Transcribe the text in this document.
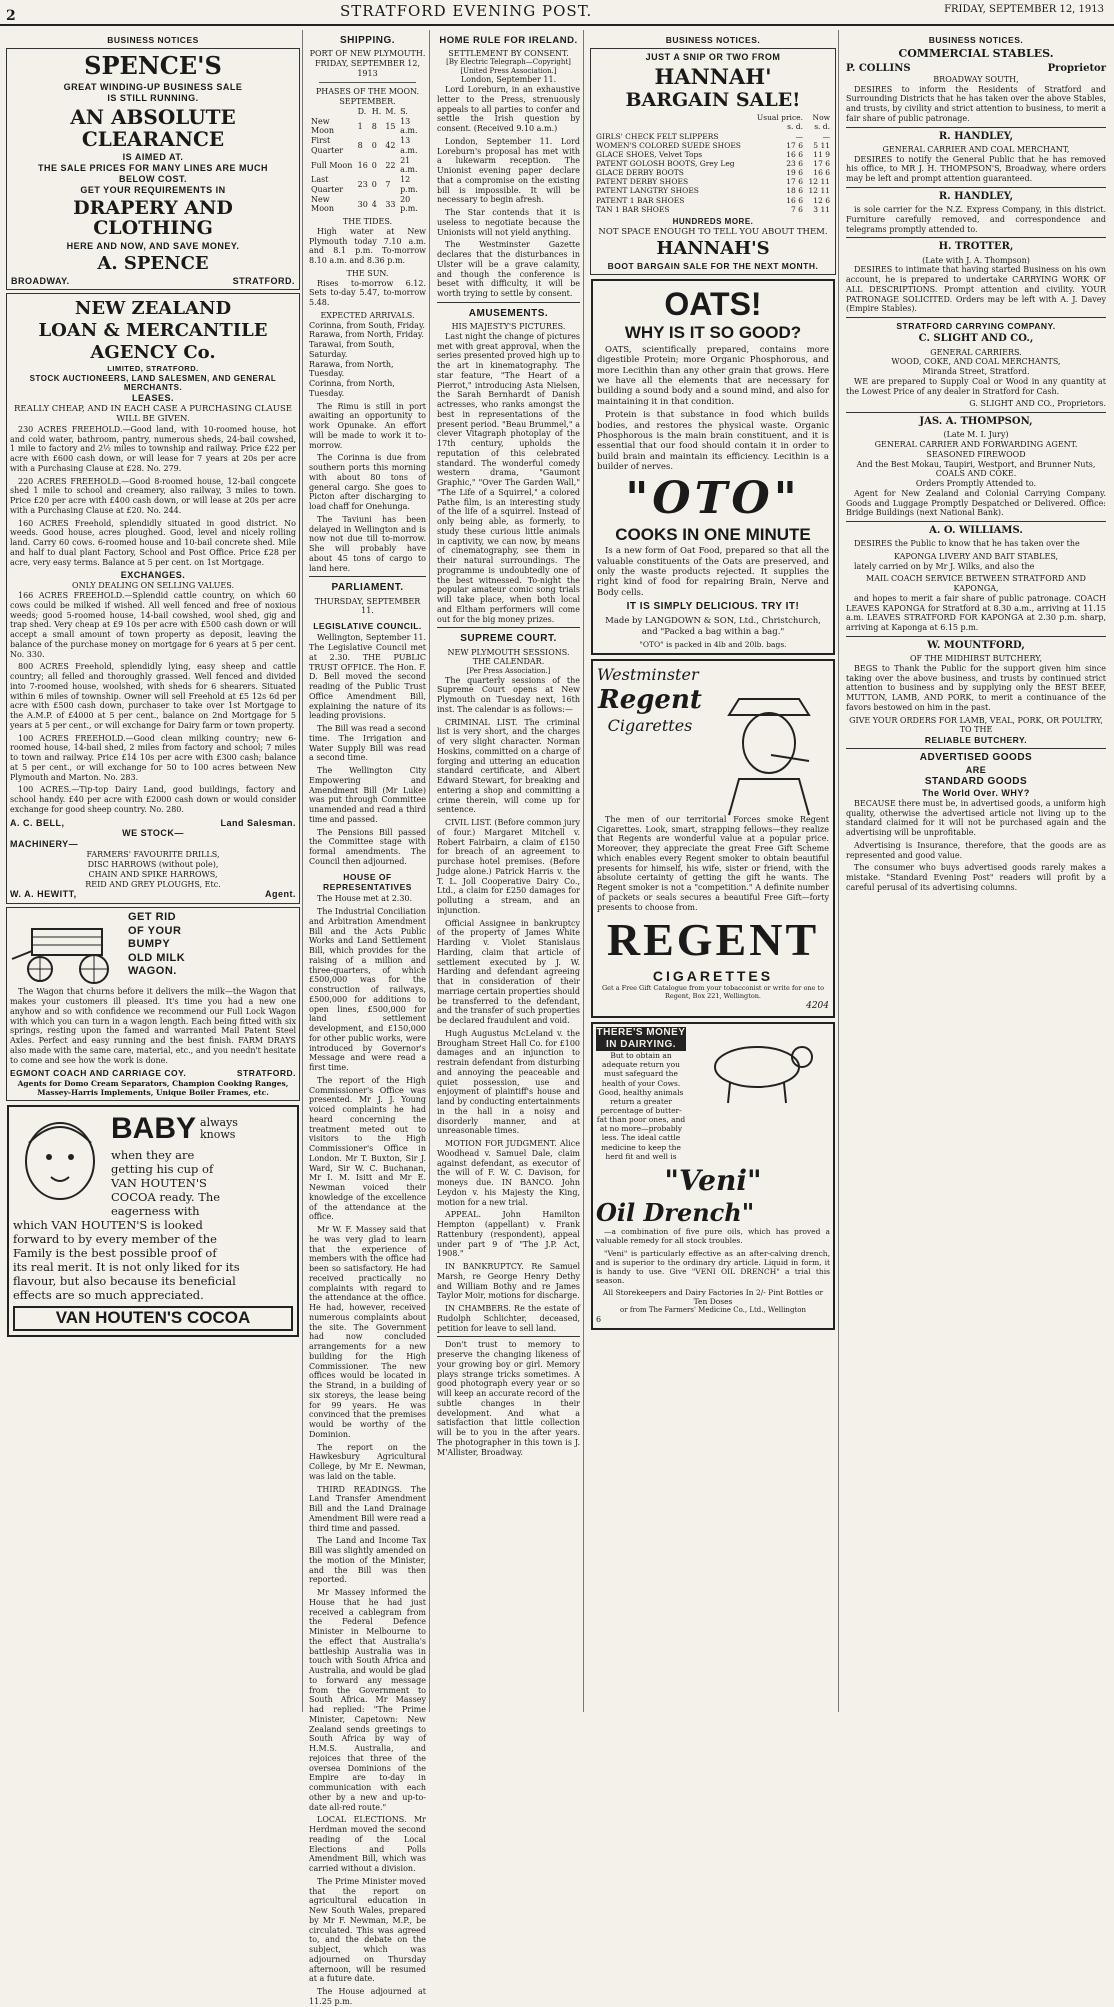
2	STRATFORD EVENING POST.	FRIDAY, SEPTEMBER 12, 1913
BUSINESS NOTICES
SPENCE'S
GREAT WINDING-UP BUSINESS SALE
IS STILL RUNNING.
AN ABSOLUTE CLEARANCE
IS AIMED AT.
THE SALE PRICES FOR MANY LINES ARE MUCH
BELOW COST.
GET YOUR REQUIREMENTS IN
DRAPERY AND CLOTHING
HERE AND NOW, AND SAVE MONEY.
A. SPENCE
BROADWAY.	STRATFORD.
NEW ZEALAND
LOAN & MERCANTILE
AGENCY Co.
LIMITED, STRATFORD.
STOCK AUCTIONEERS, LAND SALESMEN, AND GENERAL MERCHANTS.
LEASES.
REALLY CHEAP, AND IN EACH CASE A PURCHASING CLAUSE WILL BE GIVEN.

230 ACRES FREEHOLD.—Good land, with 10-roomed house, hot and cold water, bathroom, pantry, numerous sheds, 24-bail cowshed, 1 mile to factory and 2½ miles to township and railway. Price £22 per acre with £600 cash down, or will lease for 7 years at 20s per acre with a Purchasing Clause at £28. No. 279.

220 ACRES FREEHOLD.—Good 8-roomed house, 12-bail congcete shed 1 mile to school and creamery, also railway, 3 miles to town. Price £20 per acre with £400 cash down, or will lease at 20s per acre with a Purchasing Clause at £20. No. 244.

160 ACRES Freehold, splendidly situated in good district. No weeds. Good house, acres ploughed. Good, level and nicely rolling land. Carry 60 cows. 6-roomed house and 10-bail concrete shed. Mile and half to dual plant Factory, School and Post Office. Price £28 per acre, very easy terms. Balance at 5 per cent. on 1st Mortgage.

EXCHANGES.
ONLY DEALING ON SELLING VALUES.

166 ACRES FREEHOLD.—Splendid cattle country, on which 60 cows could be milked if wished. All well fenced and free of noxious weeds; good 5-roomed house, 14-bail cowshed, wool shed, gig and trap shed. Very cheap at £9 10s per acre with £500 cash down or will accept a small amount of town property as deposit, leaving the balance of the purchase money on mortgage for 6 years at 5 per cent. No. 330.

800 ACRES Freehold, splendidly lying, easy sheep and cattle country; all felled and thoroughly grassed. Well fenced and divided into 7-roomed house, woolshed, with sheds for 6 shearers. Situated within 6 miles of township. Owner will sell Freehold at £5 12s 6d per acre with £500 cash down, purchaser to take over 1st Mortgage to the A.M.P. of £4000 at 5 per cent., balance on 2nd Mortgage for 5 years at 5 per cent., or will exchange for Dairy farm or town property.

100 ACRES FREEHOLD.—Good clean milking country; new 6-roomed house, 14-bail shed, 2 miles from factory and school; 7 miles to town and railway. Price £14 10s per acre with £300 cash; balance at 5 per cent., or will exchange for 50 to 100 acres between New Plymouth and Marton. No. 283.

100 ACRES.—Tip-top Dairy Land, good buildings, factory and school handy. £40 per acre with £2000 cash down or would consider exchange for good sheep country. No. 280.

A. C. BELL,	Land Salesman.
WE STOCK—
MACHINERY—
FARMERS' FAVOURITE DRILLS,
DISC HARROWS (without pole),
CHAIN AND SPIKE HARROWS,
REID AND GREY PLOUGHS, Etc.
W. A. HEWITT,	Agent.
GET RID
OF YOUR
BUMPY
OLD MILK
WAGON.

The Wagon that churns before it delivers the milk—the Wagon that makes your customers ill pleased. It's time you had a new one anyhow and so with confidence we recommend our Full Lock Wagon with which you can turn in a wagon length. Each being fitted with six springs, resting upon the famed and warranted Mail Patent Steel Axles. Perfect and easy running and the best finish. FARM DRAYS also made with the same care, material, etc., and you needn't hesitate to come and see how the work is done.

EGMONT COACH AND CARRIAGE COY.	STRATFORD.
Agents for Domo Cream Separators, Champion Cooking Ranges, Massey-Harris Implements, Unique Boiler Frames, etc.
BABY always
knows
when they are
getting his cup of
VAN HOUTEN'S
COCOA ready. The
eagerness with
which VAN HOUTEN'S is looked
forward to by every member of the
Family is the best possible proof of
its real merit. It is not only liked for its
flavour, but also because its beneficial
effects are so much appreciated.
VAN HOUTEN'S COCOA
SHIPPING.
PORT OF NEW PLYMOUTH.
FRIDAY, SEPTEMBER 12, 1913
PHASES OF THE MOON.
SEPTEMBER.
	D.	H.	M.	S.
New Moon	1	8	15	13 a.m.
First Quarter	8	0	42	13 a.m.
Full Moon	16	0	22	21 a.m.
Last Quarter	23	0	7	12 p.m.
New Moon	30	4	33	20 p.m.
THE TIDES.

High water at New Plymouth today 7.10 a.m. and 8.1 p.m. To-morrow 8.10 a.m. and 8.36 p.m.

THE SUN.

Rises to-morrow 6.12. Sets to-day 5.47, to-morrow 5.48.

EXPECTED ARRIVALS.
Corinna, from South, Friday.
Rarawa, from North, Friday.
Tarawai, from South, Saturday.
Rarawa, from North, Tuesday.
Corinna, from North, Tuesday.

The Rimu is still in port awaiting an opportunity to work Opunake. An effort will be made to work it to-morrow.

The Corinna is due from southern ports this morning with about 80 tons of general cargo. She goes to Picton after discharging to load chaff for Onehunga.

The Taviuni has been delayed in Wellington and is now not due till to-morrow. She will probably have about 45 tons of cargo to land here.

PARLIAMENT.
THURSDAY, SEPTEMBER 11.
LEGISLATIVE COUNCIL.

Wellington, September 11. The Legislative Council met at 2.30. THE PUBLIC TRUST OFFICE. The Hon. F. D. Bell moved the second reading of the Public Trust Office Amendment Bill, explaining the nature of its leading provisions.

The Bill was read a second time. The Irrigation and Water Supply Bill was read a second time.

The Wellington City Empowering and Amendment Bill (Mr Luke) was put through Committee unamended and read a third time and passed.

The Pensions Bill passed the Committee stage with formal amendments. The Council then adjourned.

HOUSE OF REPRESENTATIVES

The House met at 2.30.

The Industrial Conciliation and Arbitration Amendment Bill and the Acts Public Works and Land Settlement Bill, which provides for the raising of a million and three-quarters, of which £500,000 was for the construction of railways, £500,000 for additions to open lines, £500,000 for land settlement development, and £150,000 for other public works, were introduced by Governor's Message and were read a first time.

The report of the High Commissioner's Office was presented. Mr J. J. Young voiced complaints he had heard concerning the treatment meted out to visitors to the High Commissioner's Office in London. Mr T. Buxton, Sir J. Ward, Sir W. C. Buchanan, Mr I. M. Isitt and Mr E. Newman voiced their knowledge of the excellence of the attendance at the office.

Mr W. F. Massey said that he was very glad to learn that the experience of members with the office had been so satisfactory. He had received practically no complaints with regard to the attendance at the office. He had, however, received numerous complaints about the site. The Government had now concluded arrangements for a new building for the High Commissioner. The new offices would be located in the Strand, in a building of six storeys, the lease being for 99 years. He was convinced that the premises would be worthy of the Dominion.

The report on the Hawkesbury Agricultural College, by Mr E. Newman, was laid on the table.

THIRD READINGS. The Land Transfer Amendment Bill and the Land Drainage Amendment Bill were read a third time and passed.

The Land and Income Tax Bill was slightly amended on the motion of the Minister, and the Bill was then reported.

Mr Massey informed the House that he had just received a cablegram from the Federal Defence Minister in Melbourne to the effect that Australia's battleship Australia was in touch with South Africa and Australia, and would be glad to forward any message from the Government to South Africa. Mr Massey had replied: "The Prime Minister, Capetown: New Zealand sends greetings to South Africa by way of H.M.S. Australia, and rejoices that three of the oversea Dominions of the Empire are to-day in communication with each other by a new and up-to-date all-red route."

LOCAL ELECTIONS. Mr Herdman moved the second reading of the Local Elections and Polls Amendment Bill, which was carried without a division.

The Prime Minister moved that the report on agricultural education in New South Wales, prepared by Mr F. Newman, M.P., be circulated. This was agreed to, and the debate on the subject, which was adjourned on Thursday afternoon, will be resumed at a future date.

The House adjourned at 11.25 p.m.

HOME RULE FOR IRELAND.
SETTLEMENT BY CONSENT.
[By Electric Telegraph—Copyright] [United Press Association.]
London, September 11.

Lord Loreburn, in an exhaustive letter to the Press, strenuously appeals to all parties to confer and settle the Irish question by consent. (Received 9.10 a.m.)

London, September 11. Lord Loreburn's proposal has met with a lukewarm reception. The Unionist evening paper declare that a compromise on the existing bill is impossible. It will be necessary to begin afresh.

The Star contends that it is useless to negotiate because the Unionists will not yield anything.

The Westminster Gazette declares that the disturbances in Ulster will be a grave calamity, and though the conference is beset with difficulty, it will be worth trying to settle by consent.

AMUSEMENTS.
HIS MAJESTY'S PICTURES.

Last night the change of pictures met with great approval, when the series presented proved high up to the art in kinematography. The star feature, "The Heart of a Pierrot," introducing Asta Nielsen, the Sarah Bernhardt of Danish actresses, who ranks amongst the best in representations of the present period. "Beau Brummel," a clever Vitagraph photoplay of the 17th century, upholds the reputation of this celebrated standard. The wonderful comedy western drama, "Gaumont Graphic," "Over The Garden Wall," "The Life of a Squirrel," a colored Pathe film, is an interesting study of the life of a squirrel. Instead of only being able, as formerly, to study these curious little animals in captivity, we can now, by means of cinematography, see them in their natural surroundings. The programme is undoubtedly one of the best witnessed. To-night the popular amateur comic song trials will take place, when both local and Eltham performers will come out for the big money prizes.

SUPREME COURT.
NEW PLYMOUTH SESSIONS.
THE CALENDAR.
[Per Press Association.]

The quarterly sessions of the Supreme Court opens at New Plymouth on Tuesday next, 16th inst. The calendar is as follows:—

CRIMINAL LIST. The criminal list is very short, and the charges of very slight character. Norman Hoskins, committed on a charge of forging and uttering an education standard certificate, and Albert Edward Stewart, for breaking and entering a shop and committing a crime therein, will come up for sentence.

CIVIL LIST. (Before common jury of four.) Margaret Mitchell v. Robert Fairbairn, a claim of £150 for breach of an agreement to purchase hotel premises. (Before Judge alone.) Patrick Harris v. the T. L. Joll Cooperative Dairy Co., Ltd., a claim for £250 damages for polluting a stream, and an injunction.

Official Assignee in bankruptcy of the property of James White Harding v. Violet Stanislaus Harding, claim that article of settlement executed by J. W. Harding and defendant agreeing that in consideration of their marriage certain properties should be transferred to the defendant, and the transfer of such properties be declared fraudulent and void.

Hugh Augustus McLeland v. the Brougham Street Hall Co. for £100 damages and an injunction to restrain defendant from disturbing and annoying the peaceable and quiet possession, use and enjoyment of plaintiff's house and land by conducting entertainments in the hall in a noisy and disorderly manner, and at unreasonable times.

MOTION FOR JUDGMENT. Alice Woodhead v. Samuel Dale, claim against defendant, as executor of the will of F. W. C. Davison, for moneys due. IN BANCO. John Leydon v. his Majesty the King, motion for a new trial.

APPEAL. John Hamilton Hempton (appellant) v. Frank Rattenbury (respondent), appeal under part 9 of "The J.P. Act, 1908."

IN BANKRUPTCY. Re Samuel Marsh, re George Henry Dethy and William Bothy and re James Taylor Moir, motions for discharge.

IN CHAMBERS. Re the estate of Rudolph Schlichter, deceased, petition for leave to sell land.

Don't trust to memory to preserve the changing likeness of your growing boy or girl. Memory plays strange tricks sometimes. A good photograph every year or so will keep an accurate record of the subtle changes in their development. And what a satisfaction that little collection will be to you in the after years. The photographer in this town is J. M'Allister, Broadway.

BUSINESS NOTICES.
JUST A SNIP OR TWO FROM
HANNAH'
BARGAIN SALE!
	Usual price.	Now
	s. d.	s. d.
GIRLS' CHECK FELT SLIPPERS	—	—
WOMEN'S COLORED SUEDE SHOES	17 6	5 11
GLACE SHOES, Velvet Tops	16 6	11 9
PATENT GOLOSH BOOTS, Grey Leg	23 6	17 6
GLACE DERBY BOOTS	19 6	16 6
PATENT DERBY SHOES	17 6	12 11
PATENT LANGTRY SHOES	18 6	12 11
PATENT 1 BAR SHOES	16 6	12 6
TAN 1 BAR SHOES	7 6	3 11
HUNDREDS MORE.
NOT SPACE ENOUGH TO TELL YOU ABOUT THEM.
HANNAH'S
BOOT BARGAIN SALE FOR THE NEXT MONTH.
OATS!
WHY IS IT SO GOOD?

OATS, scientifically prepared, contains more digestible Protein; more Organic Phosphorous, and more Lecithin than any other grain that grows. Here we have all the elements that are necessary for building a sound body and a sound mind, and also for maintaining it in that condition.

Protein is that substance in food which builds bodies, and restores the physical waste. Organic Phosphorous is the main brain constituent, and it is essential that our food should contain it in order to build brain and maintain its efficiency. Lecithin is a builder of nerves.

"OTO"
COOKS IN ONE MINUTE

Is a new form of Oat Food, prepared so that all the valuable constituents of the Oats are preserved, and only the waste products rejected. It supplies the right kind of food for repairing Brain, Nerve and Body cells.

IT IS SIMPLY DELICIOUS. TRY IT!
Made by LANGDOWN & SON, Ltd., Christchurch, and "Packed a bag within a bag."
"OTO" is packed in 4lb and 20lb. bags.
Westminster
Regent
Cigarettes

The men of our territorial Forces smoke Regent Cigarettes. Look, smart, strapping fellows—they realize that Regents are wonderful value at a popular price. Moreover, they appreciate the great Free Gift Scheme which enables every Regent smoker to obtain beautiful presents for himself, his wife, sister or friend, with the absolute certainty of getting the gift he wants. The Regent smoker is not a "competition." A definite number of packets or seals secures a beautiful Free Gift—forty presents to choose from.

REGENT
CIGARETTES
Get a Free Gift Catalogue from your tobacconist or write for one to Regent, Box 221, Wellington.
4204
THERE'S MONEY
IN DAIRYING.

But to obtain an adequate return you must safeguard the health of your Cows. Good, healthy animals return a greater percentage of butter-fat than poor ones, and at no more—probably less. The ideal cattle medicine to keep the herd fit and well is

"Veni"
Oil Drench"

—a combination of five pure oils, which has proved a valuable remedy for all stock troubles.

"Veni" is particularly effective as an after-calving drench, and is superior to the ordinary dry article. Liquid in form, it is handy to use. Give "VENI OIL DRENCH" a trial this season.

All Storekeepers and Dairy Factories In 2/- Pint Bottles or Ten Doses
or from The Farmers' Medicine Co., Ltd., Wellington
6
BUSINESS NOTICES.
COMMERCIAL STABLES.
P. COLLINS	Proprietor
BROADWAY SOUTH,

DESIRES to inform the Residents of Stratford and Surrounding Districts that he has taken over the above Stables, and trusts, by civility and strict attention to business, to merit a fair share of public patronage.

R. HANDLEY,
GENERAL CARRIER AND COAL MERCHANT,

DESIRES to notify the General Public that he has removed his office, to MR J. H. THOMPSON'S, Broadway, where orders may be left and prompt attention guaranteed.

R. HANDLEY,

is sole carrier for the N.Z. Express Company, in this district. Furniture carefully removed, and correspondence and telegrams promptly attended to.

H. TROTTER,
(Late with J. A. Thompson)

DESIRES to intimate that having started Business on his own account, he is prepared to undertake CARRYING WORK OF ALL DESCRIPTIONS. Prompt attention and civility. YOUR PATRONAGE SOLICITED. Orders may be left with A. J. Davey (Empire Stables).

STRATFORD CARRYING COMPANY.
C. SLIGHT AND CO.,
GENERAL CARRIERS.
WOOD, COKE, AND COAL MERCHANTS,
Miranda Street, Stratford.

WE are prepared to Supply Coal or Wood in any quantity at the Lowest Price of any dealer in Stratford for Cash.

G. SLIGHT AND CO., Proprietors.
JAS. A. THOMPSON,
(Late M. I. Jury)
GENERAL CARRIER AND FORWARDING AGENT.
SEASONED FIREWOOD
And the Best Mokau, Taupiri, Westport, and Brunner Nuts,
COALS AND COKE.
Orders Promptly Attended to.

Agent for New Zealand and Colonial Carrying Company. Goods and Luggage Promptly Despatched or Delivered. Office: Bridge Buildings (next National Bank).

A. O. WILLIAMS.

DESIRES the Public to know that he has taken over the

KAPONGA LIVERY AND BAIT STABLES,

lately carried on by Mr J. Wilks, and also the

MAIL COACH SERVICE BETWEEN STRATFORD AND KAPONGA,

and hopes to merit a fair share of public patronage. COACH LEAVES KAPONGA for Stratford at 8.30 a.m., arriving at 11.15 a.m. LEAVES STRATFORD FOR KAPONGA at 2.30 p.m. sharp, arriving at Kaponga at 6.15 p.m.

W. MOUNTFORD,
OF THE MIDHIRST BUTCHERY,

BEGS to Thank the Public for the support given him since taking over the above business, and trusts by continued strict attention to business and by supplying only the BEST BEEF, MUTTON, LAMB, AND PORK, to merit a continuance of the favors bestowed on him in the past.

GIVE YOUR ORDERS FOR LAMB, VEAL, PORK, OR POULTRY, TO THE
RELIABLE BUTCHERY.
ADVERTISED GOODS
ARE
STANDARD GOODS
The World Over. WHY?

BECAUSE there must be, in advertised goods, a uniform high quality, otherwise the advertised article not living up to the standard claimed for it will not be purchased again and the advertising will be unprofitable.

Advertising is Insurance, therefore, that the goods are as represented and good value.

The consumer who buys advertised goods rarely makes a mistake. "Standard Evening Post" readers will profit by a careful perusal of its advertising columns.
